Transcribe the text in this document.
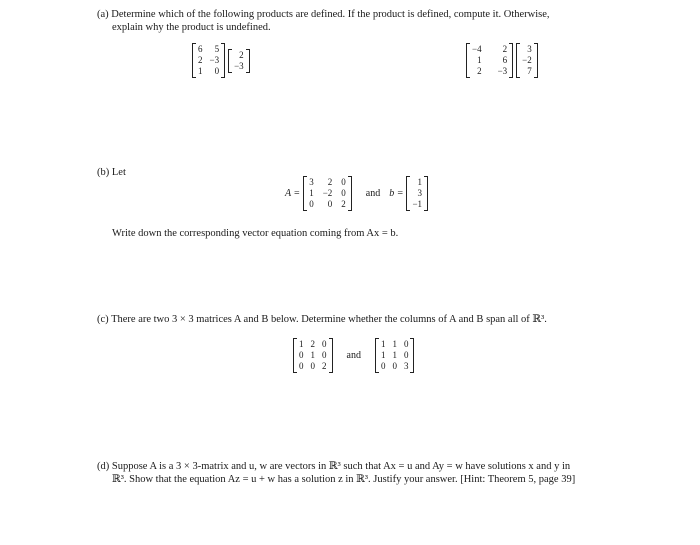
(a) Determine which of the following products are defined. If the product is defined, compute it. Otherwise,
explain why the product is undefined.
6	5
2 −3
1	0
2
−3
−4	2
1	6
2 −3
3
−2
7
(b) Let
A =
3	2 0
1 −2 0
0	0 2
and b =
1
3
−1
Write down the corresponding vector equation coming from Ax = b.
(c) There are two 3 × 3 matrices A and B below. Determine whether the columns of A and B span all of ℝ³.
1 2 0
0 1 0
0 0 2
and
1 1 0
1 1 0
0 0 3
(d) Suppose A is a 3 × 3-matrix and u, w are vectors in ℝ³ such that Ax = u and Ay = w have solutions x and y in
ℝ³. Show that the equation Az = u + w has a solution z in ℝ³. Justify your answer. [Hint: Theorem 5, page 39]
